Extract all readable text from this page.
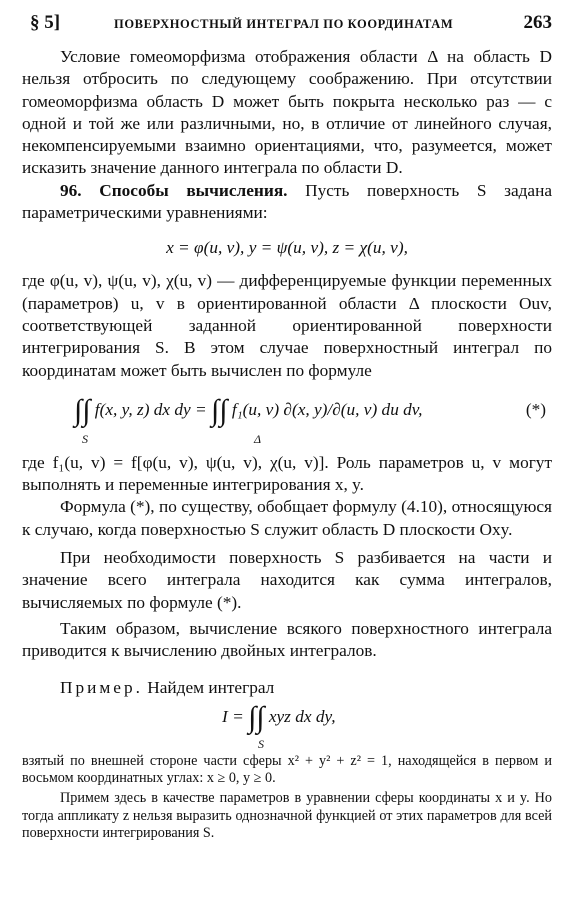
§ 5]	ПОВЕРХНОСТНЫЙ ИНТЕГРАЛ ПО КООРДИНАТАМ	263

Условие гомеоморфизма отображения области Δ на область D нельзя отбросить по следующему соображению. При отсутствии гомеоморфизма область D может быть покрыта несколько раз — с одной и той же или различными, но, в отличие от линейного случая, некомпенсируемыми взаимно ориентациями, что, разумеется, может исказить значение данного интеграла по области D.

96. Способы вычисления. Пусть поверхность S задана параметрическими уравнениями:

x = φ(u, v), y = ψ(u, v), z = χ(u, v),

где φ(u, v), ψ(u, v), χ(u, v) — дифференцируемые функции переменных (параметров) u, v в ориентированной области Δ плоскости Ouv, соответствующей заданной ориентированной поверхности интегрирования S. В этом случае поверхностный интеграл по координатам может быть вычислен по формуле

∫∫ f(x, y, z) dx dy = ∫∫ f₁(u, v) ∂(x, y)/∂(u, v) du dv,
S	Δ
(*)

где f₁(u, v) = f[φ(u, v), ψ(u, v), χ(u, v)]. Роль параметров u, v могут выполнять и переменные интегрирования x, y.

Формула (*), по существу, обобщает формулу (4.10), относящуюся к случаю, когда поверхностью S служит область D плоскости Oxy.

При необходимости поверхность S разбивается на части и значение всего интеграла находится как сумма интегралов, вычисляемых по формуле (*).

Таким образом, вычисление всякого поверхностного интеграла приводится к вычислению двойных интегралов.

Пример. Найдем интеграл

I = ∫∫ xyz dx dy,
S

взятый по внешней стороне части сферы x² + y² + z² = 1, находящейся в первом и восьмом координатных углах: x ≥ 0, y ≥ 0.

Примем здесь в качестве параметров в уравнении сферы координаты x и y. Но тогда аппликату z нельзя выразить однозначной функцией от этих параметров для всей поверхности интегрирования S.
